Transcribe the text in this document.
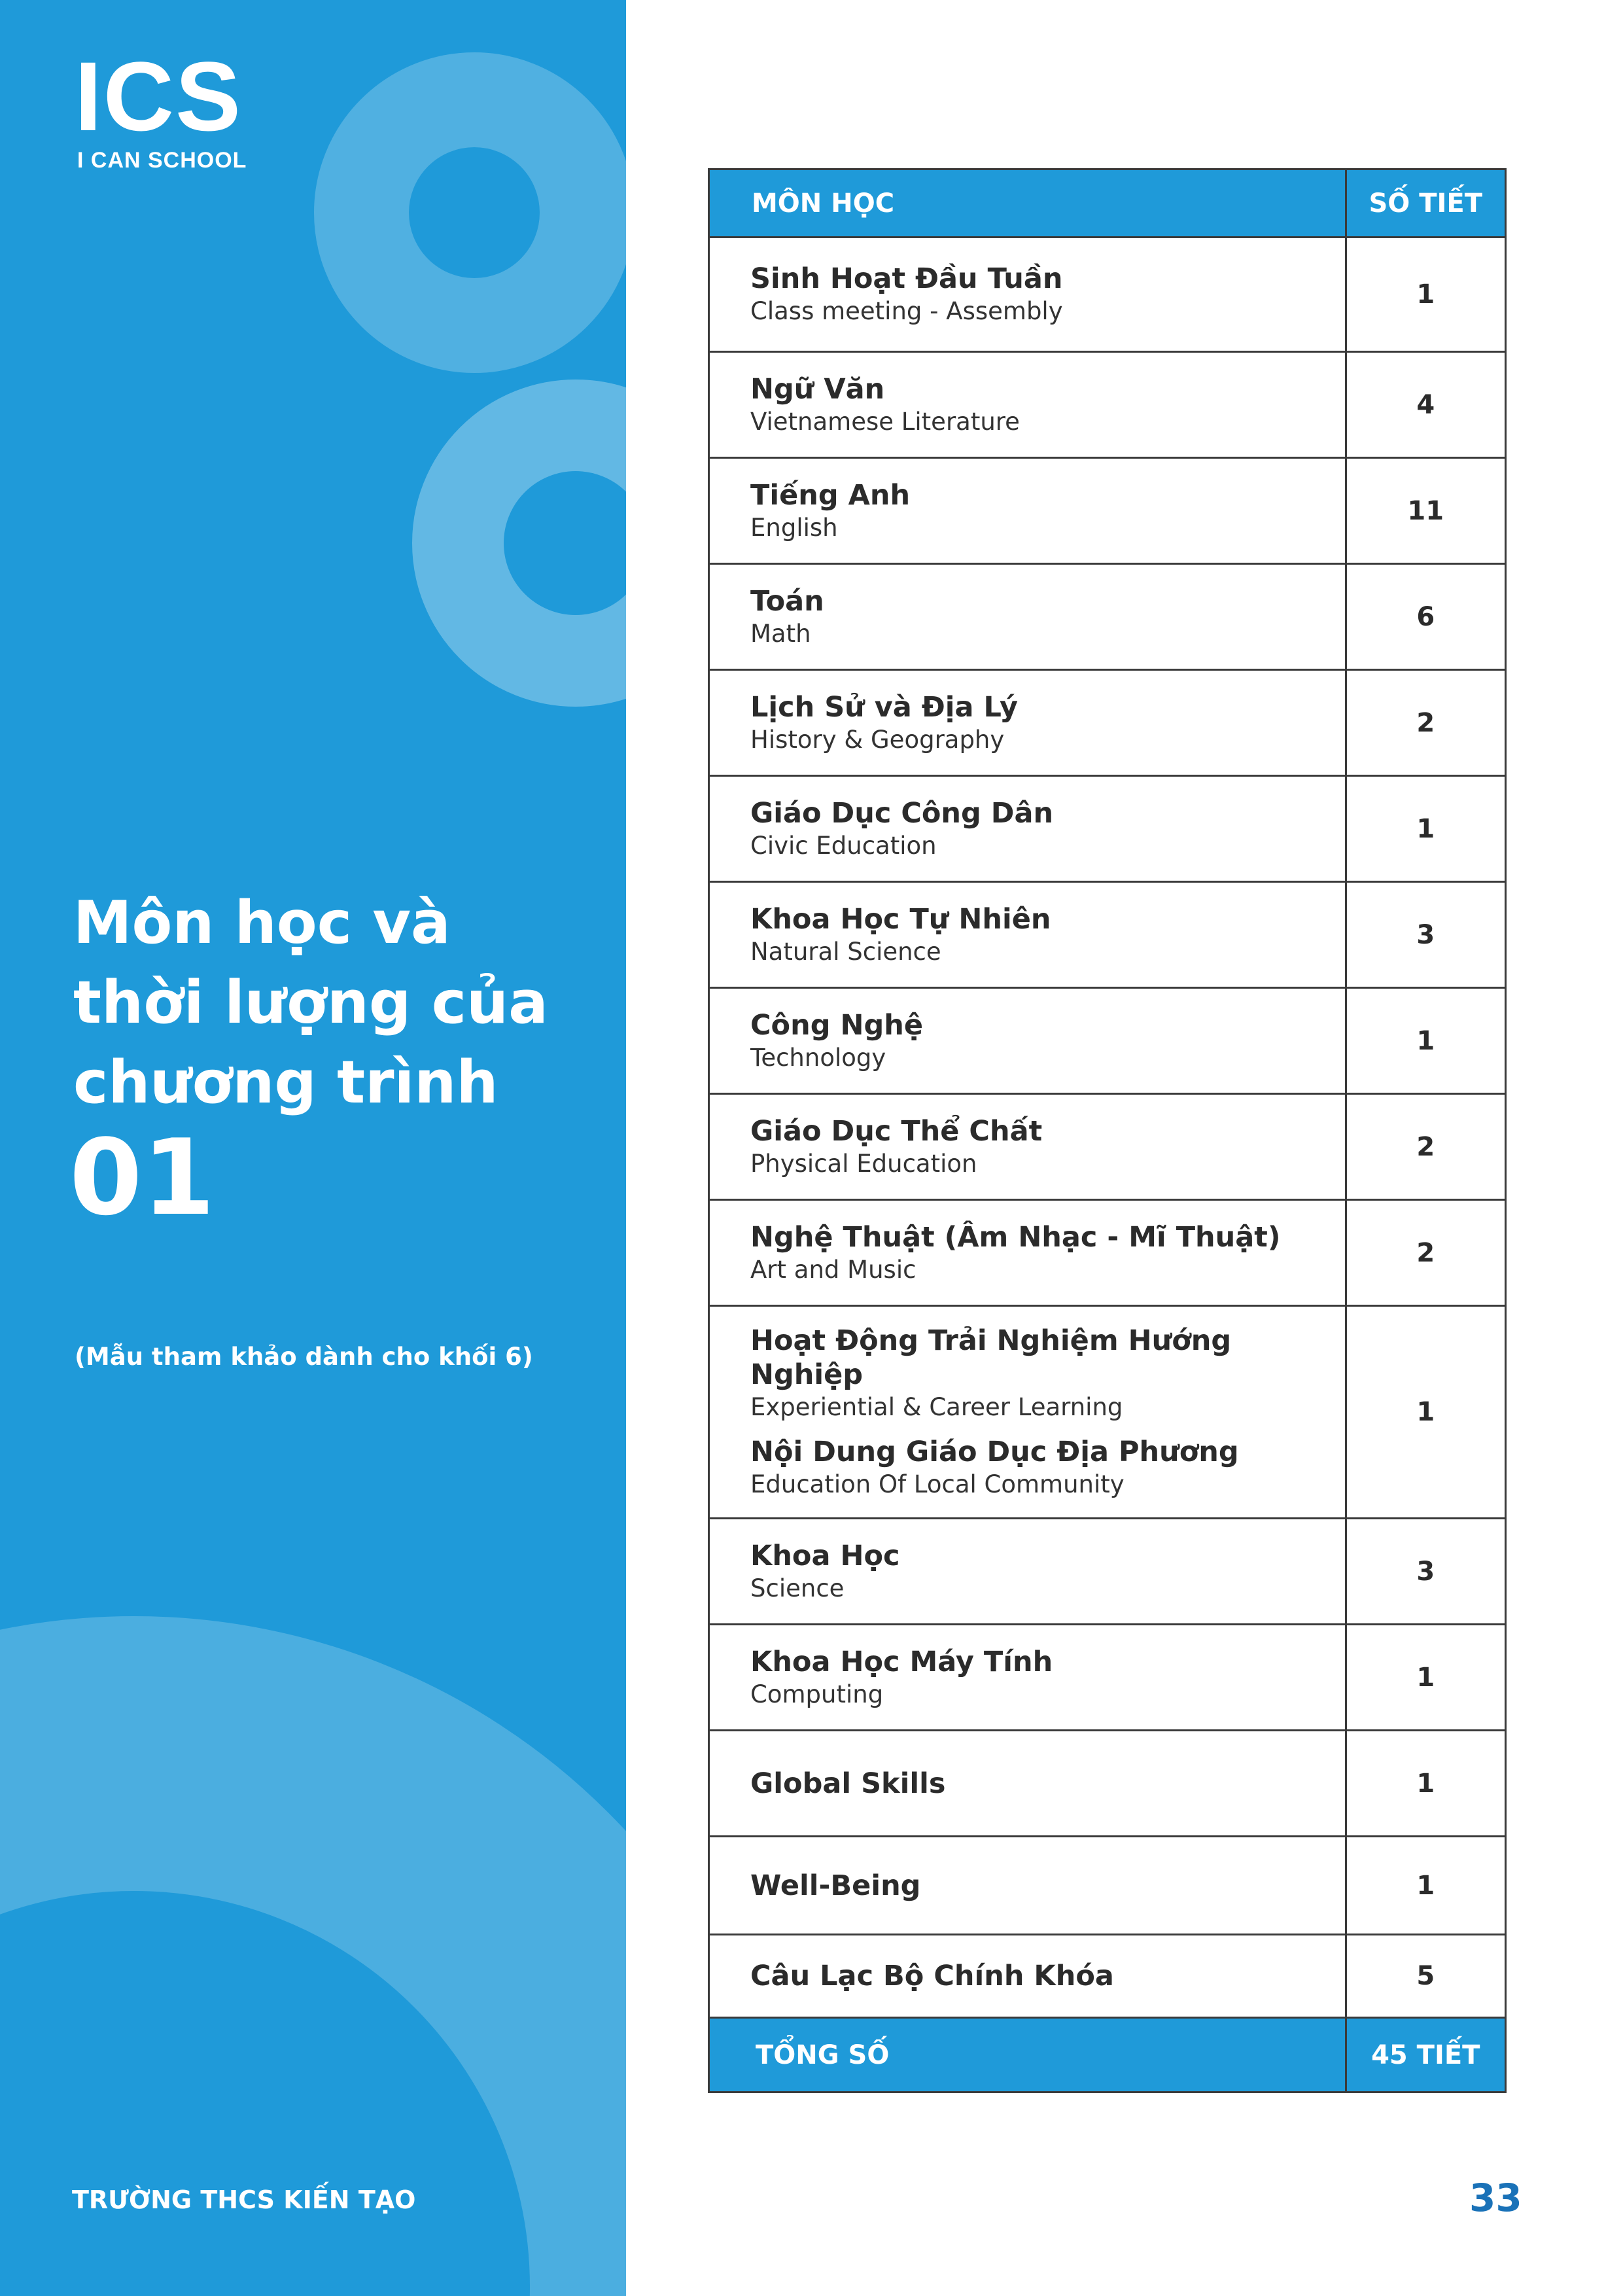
ICS
I CAN SCHOOL
Môn học và
thời lượng của
chương trình
01
(Mẫu tham khảo dành cho khối 6)
TRƯỜNG THCS KIẾN TẠO
MÔN HỌC	SỐ TIẾT

Sinh Hoạt Đầu Tuần
Class meeting - Assembly	1

Ngữ Văn
Vietnamese Literature	4

Tiếng Anh
English	11

Toán
Math	6

Lịch Sử và Địa Lý
History & Geography	2

Giáo Dục Công Dân
Civic Education	1

Khoa Học Tự Nhiên
Natural Science	3

Công Nghệ
Technology	1

Giáo Dục Thể Chất
Physical Education	2

Nghệ Thuật (Âm Nhạc - Mĩ Thuật)
Art and Music	2

Hoạt Động Trải Nghiệm Hướng Nghiệp
Experiential & Career Learning
Nội Dung Giáo Dục Địa Phương
Education Of Local Community	1

Khoa Học
Science	3

Khoa Học Máy Tính
Computing	1

Global Skills	1

Well-Being	1

Câu Lạc Bộ Chính Khóa	5
TỔNG SỐ	45 TIẾT
33
